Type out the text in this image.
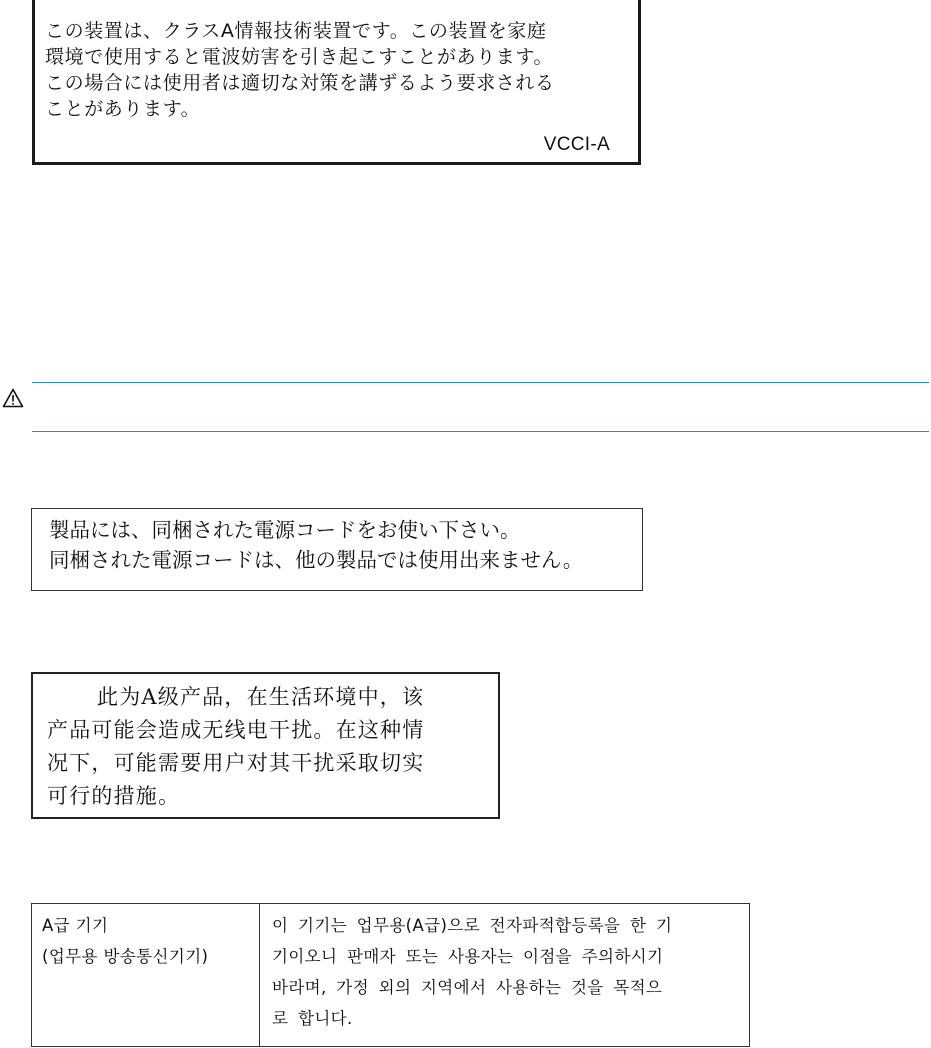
この装置は、クラスA情報技術装置です。この装置を家庭
環境で使用すると電波妨害を引き起こすことがあります。
この場合には使用者は適切な対策を講ずるよう要求される
ことがあります。
VCCI-A
製品には、同梱された電源コードをお使い下さい。
同梱された電源コードは、他の製品では使用出来ません。
此为A级产品，在生活环境中，该
产品可能会造成无线电干扰。在这种情
况下，可能需要用户对其干扰采取切实
可行的措施。
A급 기기
(업무용 방송통신기기)
이 기기는 업무용(A급)으로 전자파적합등록을 한 기
기이오니 판매자 또는 사용자는 이점을 주의하시기
바라며, 가정 외의 지역에서 사용하는 것을 목적으
로 합니다.
